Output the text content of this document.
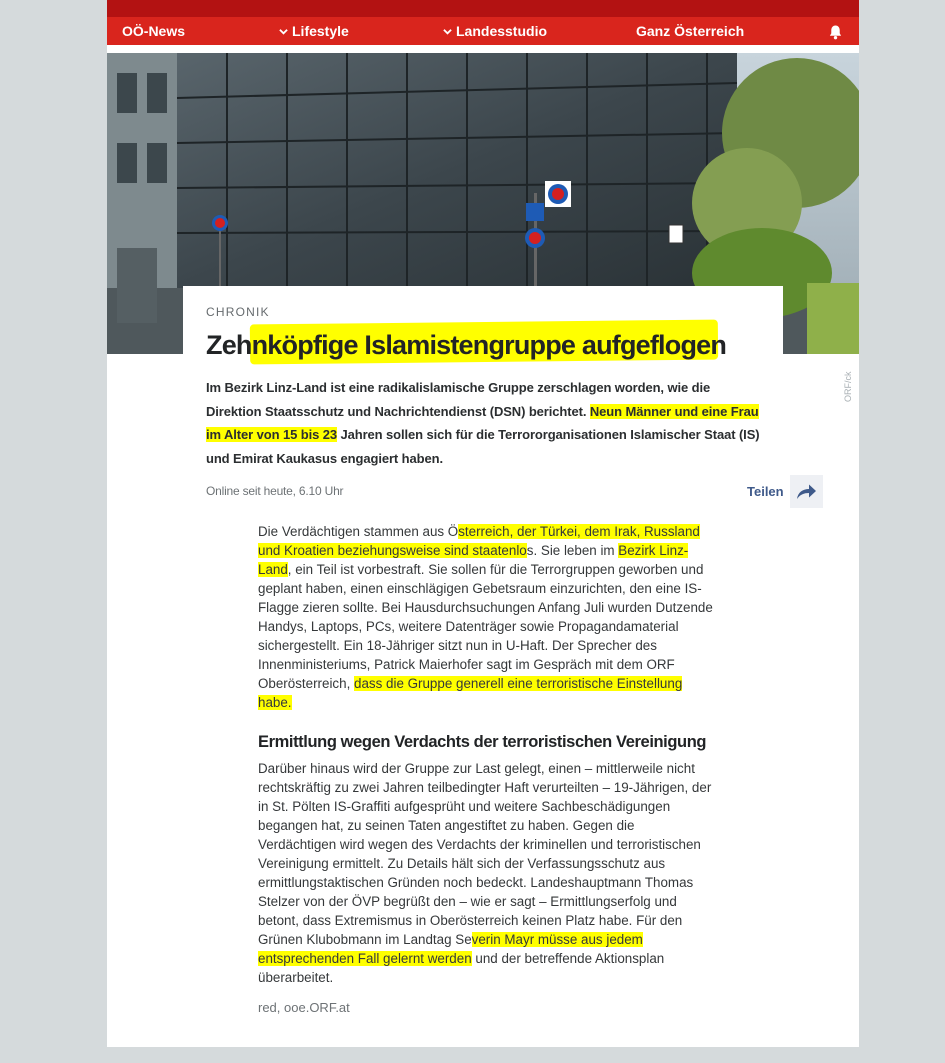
OÖ-News	Lifestyle	Landesstudio	Ganz Österreich
ORF/ck
CHRONIK
Zehnköpfige Islamistengruppe aufgeflogen

Im Bezirk Linz-Land ist eine radikalislamische Gruppe zerschlagen worden, wie die Direktion Staatsschutz und Nachrichtendienst (DSN) berichtet. Neun Männer und eine Frau im Alter von 15 bis 23 Jahren sollen sich für die Terrororganisationen Islamischer Staat (IS) und Emirat Kaukasus engagiert haben.

Online seit heute, 6.10 Uhr	Teilen

Die Verdächtigen stammen aus Österreich, der Türkei, dem Irak, Russland und Kroatien beziehungsweise sind staatenlos. Sie leben im Bezirk Linz-Land, ein Teil ist vorbestraft. Sie sollen für die Terrorgruppen geworben und geplant haben, einen einschlägigen Gebetsraum einzurichten, den eine IS-Flagge zieren sollte. Bei Hausdurchsuchungen Anfang Juli wurden Dutzende Handys, Laptops, PCs, weitere Datenträger sowie Propagandamaterial sichergestellt. Ein 18-Jähriger sitzt nun in U-Haft. Der Sprecher des Innenministeriums, Patrick Maierhofer sagt im Gespräch mit dem ORF Oberösterreich, dass die Gruppe generell eine terroristische Einstellung habe.

Ermittlung wegen Verdachts der terroristischen Vereinigung

Darüber hinaus wird der Gruppe zur Last gelegt, einen – mittlerweile nicht rechtskräftig zu zwei Jahren teilbedingter Haft verurteilten – 19-Jährigen, der in St. Pölten IS-Graffiti aufgesprüht und weitere Sachbeschädigungen begangen hat, zu seinen Taten angestiftet zu haben. Gegen die Verdächtigen wird wegen des Verdachts der kriminellen und terroristischen Vereinigung ermittelt. Zu Details hält sich der Verfassungsschutz aus ermittlungstaktischen Gründen noch bedeckt. Landeshauptmann Thomas Stelzer von der ÖVP begrüßt den – wie er sagt – Ermittlungserfolg und betont, dass Extremismus in Oberösterreich keinen Platz habe. Für den Grünen Klubobmann im Landtag Severin Mayr müsse aus jedem entsprechenden Fall gelernt werden und der betreffende Aktionsplan überarbeitet.

red, ooe.ORF.at
